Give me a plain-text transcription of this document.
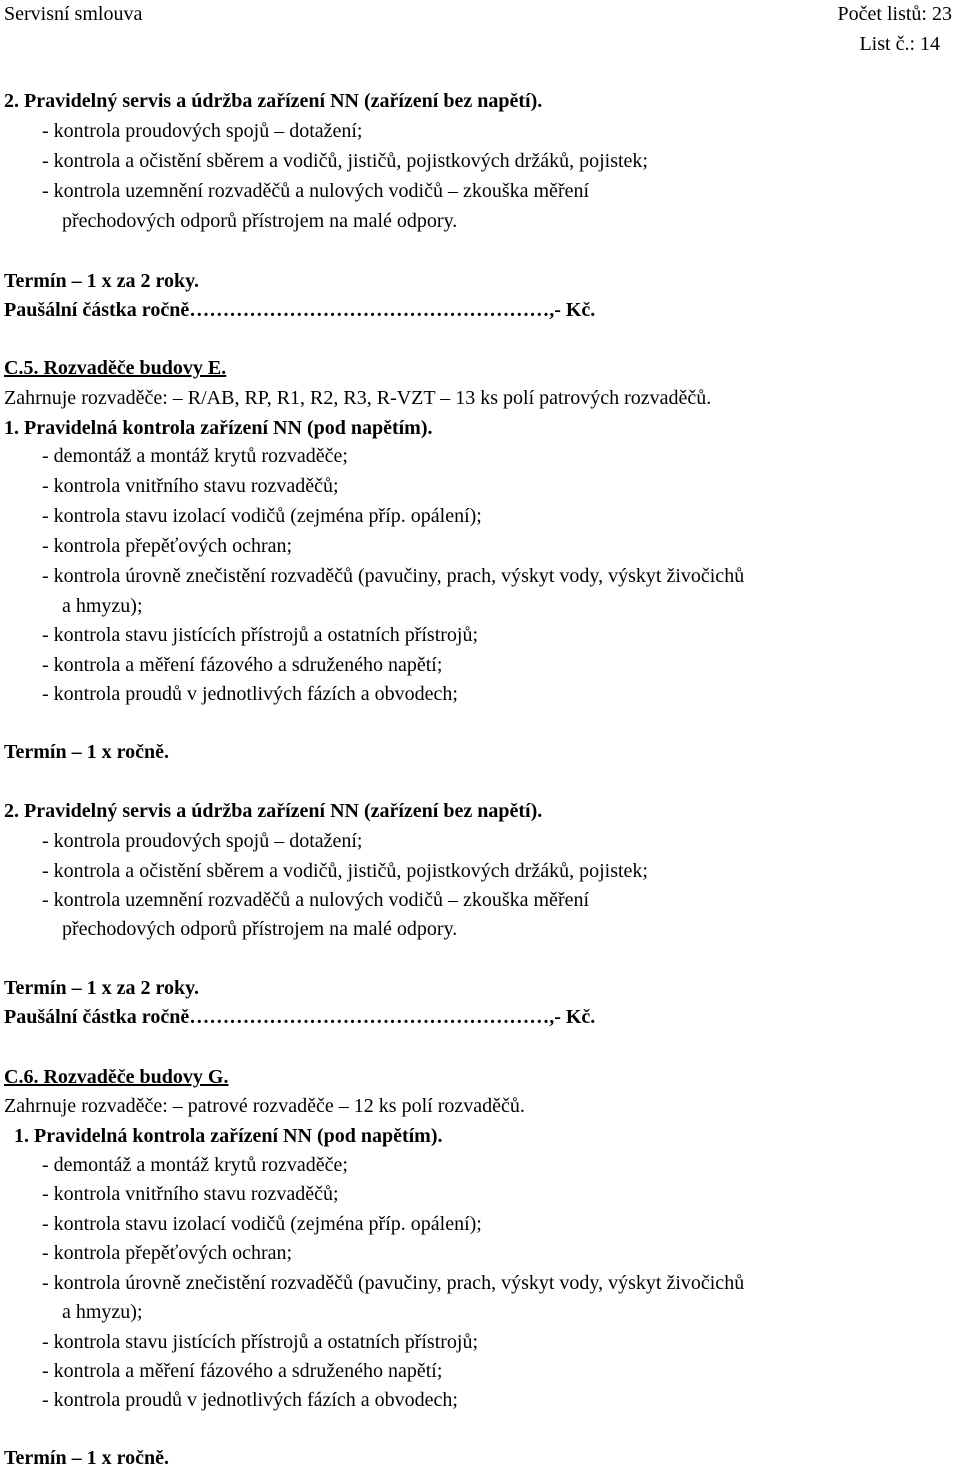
Servisní smlouva	Počet listů: 23
List č.: 14
2. Pravidelný servis a údržba zařízení NN (zařízení bez napětí).
- kontrola proudových spojů – dotažení;
- kontrola a očistění sběrem a vodičů, jističů, pojistkových držáků, pojistek;
- kontrola uzemnění rozvaděčů a nulových vodičů – zkouška měření
přechodových odporů přístrojem na malé odpory.
Termín – 1 x za 2 roky.
Paušální částka ročně………………………………………………,- Kč.
C.5. Rozvaděče budovy E.
Zahrnuje rozvaděče: – R/AB, RP, R1, R2, R3, R-VZT – 13 ks polí patrových rozvaděčů.
1. Pravidelná kontrola zařízení NN (pod napětím).
- demontáž a montáž krytů rozvaděče;
- kontrola vnitřního stavu rozvaděčů;
- kontrola stavu izolací vodičů (zejména příp. opálení);
- kontrola přepěťových ochran;
- kontrola úrovně znečistění rozvaděčů (pavučiny, prach, výskyt vody, výskyt živočichů
a hmyzu);
- kontrola stavu jistících přístrojů a ostatních přístrojů;
- kontrola a měření fázového a sdruženého napětí;
- kontrola proudů v jednotlivých fázích a obvodech;
Termín – 1 x ročně.
2. Pravidelný servis a údržba zařízení NN (zařízení bez napětí).
- kontrola proudových spojů – dotažení;
- kontrola a očistění sběrem a vodičů, jističů, pojistkových držáků, pojistek;
- kontrola uzemnění rozvaděčů a nulových vodičů – zkouška měření
přechodových odporů přístrojem na malé odpory.
Termín – 1 x za 2 roky.
Paušální částka ročně………………………………………………,- Kč.
C.6. Rozvaděče budovy G.
Zahrnuje rozvaděče: – patrové rozvaděče – 12 ks polí rozvaděčů.
1. Pravidelná kontrola zařízení NN (pod napětím).
- demontáž a montáž krytů rozvaděče;
- kontrola vnitřního stavu rozvaděčů;
- kontrola stavu izolací vodičů (zejména příp. opálení);
- kontrola přepěťových ochran;
- kontrola úrovně znečistění rozvaděčů (pavučiny, prach, výskyt vody, výskyt živočichů
a hmyzu);
- kontrola stavu jistících přístrojů a ostatních přístrojů;
- kontrola a měření fázového a sdruženého napětí;
- kontrola proudů v jednotlivých fázích a obvodech;
Termín – 1 x ročně.
